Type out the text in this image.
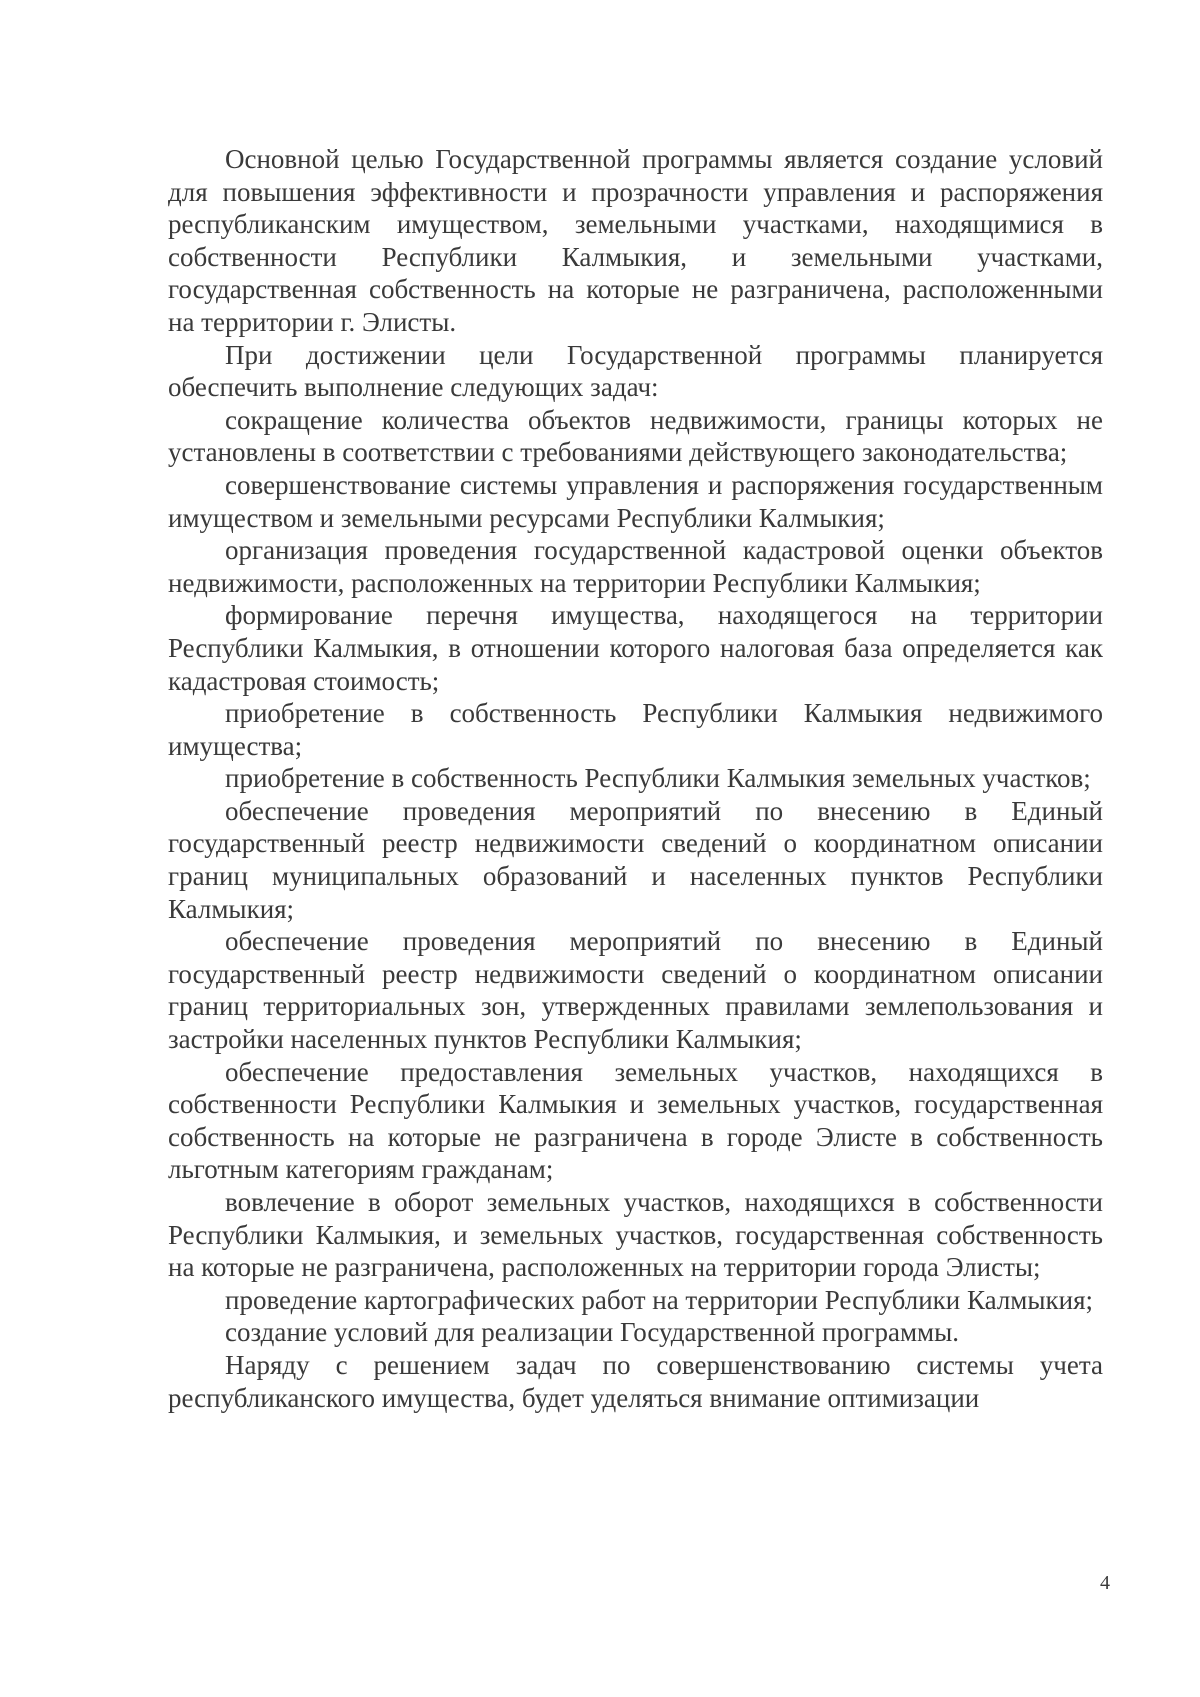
Основной целью Государственной программы является создание условий для повышения эффективности и прозрачности управления и распоряжения республиканским имуществом, земельными участками, находящимися в собственности Республики Калмыкия, и земельными участками, государственная собственность на которые не разграничена, расположенными на территории г. Элисты.

При достижении цели Государственной программы планируется обеспечить выполнение следующих задач:

сокращение количества объектов недвижимости, границы которых не установлены в соответствии с требованиями действующего законодательства;

совершенствование системы управления и распоряжения государственным имуществом и земельными ресурсами Республики Калмыкия;

организация проведения государственной кадастровой оценки объектов недвижимости, расположенных на территории Республики Калмыкия;

формирование перечня имущества, находящегося на территории Республики Калмыкия, в отношении которого налоговая база определяется как кадастровая стоимость;

приобретение в собственность Республики Калмыкия недвижимого имущества;

приобретение в собственность Республики Калмыкия земельных участков;

обеспечение проведения мероприятий по внесению в Единый государственный реестр недвижимости сведений о координатном описании границ муниципальных образований и населенных пунктов Республики Калмыкия;

обеспечение проведения мероприятий по внесению в Единый государственный реестр недвижимости сведений о координатном описании границ территориальных зон, утвержденных правилами землепользования и застройки населенных пунктов Республики Калмыкия;

обеспечение предоставления земельных участков, находящихся в собственности Республики Калмыкия и земельных участков, государственная собственность на которые не разграничена в городе Элисте в собственность льготным категориям гражданам;

вовлечение в оборот земельных участков, находящихся в собственности Республики Калмыкия, и земельных участков, государственная собственность на которые не разграничена, расположенных на территории города Элисты;

проведение картографических работ на территории Республики Калмыкия;

создание условий для реализации Государственной программы.

Наряду с решением задач по совершенствованию системы учета республиканского имущества, будет уделяться внимание оптимизации

4
